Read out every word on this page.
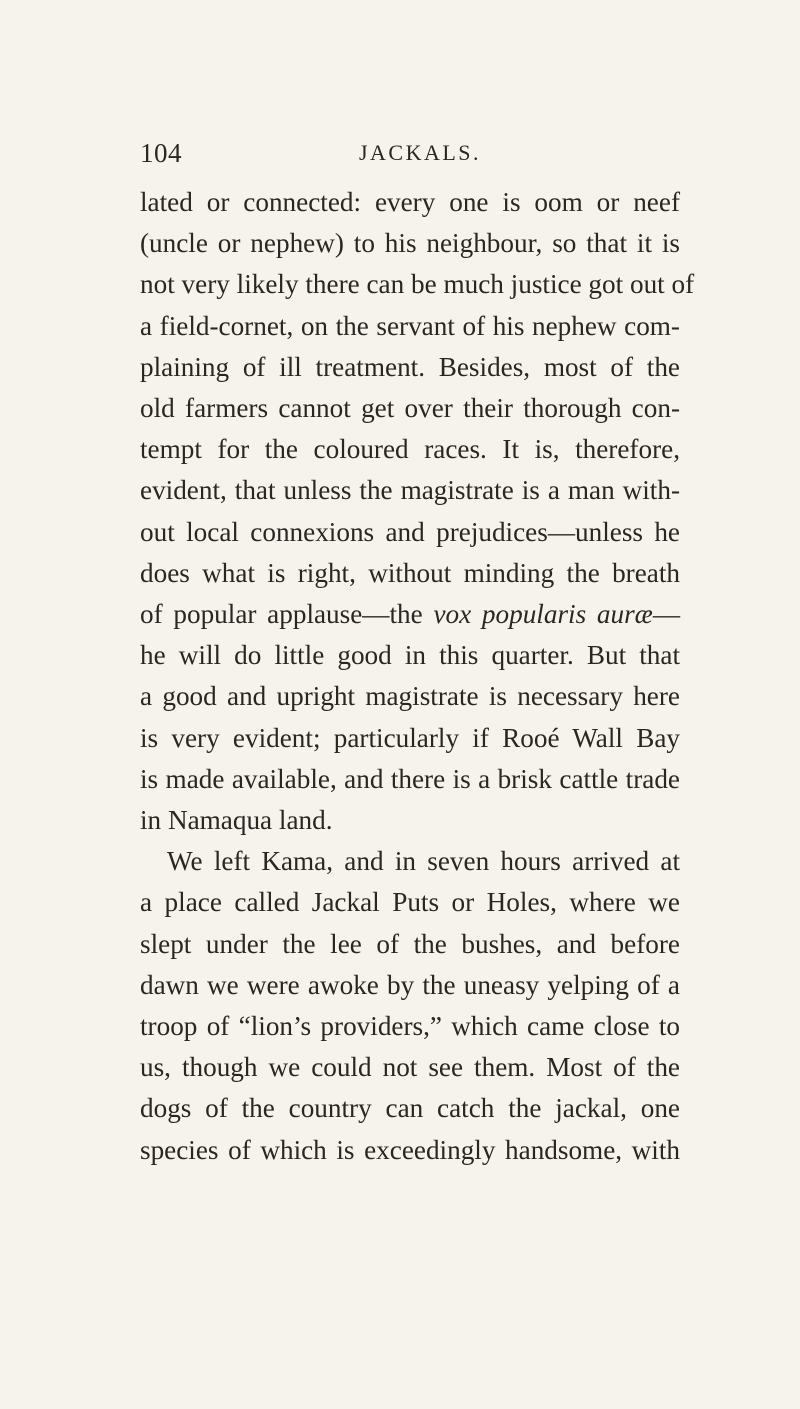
104	JACKALS.
lated or connected: every one is oom or neef
(uncle or nephew) to his neighbour, so that it is
not very likely there can be much justice got out of
a field-cornet, on the servant of his nephew com-
plaining of ill treatment. Besides, most of the
old farmers cannot get over their thorough con-
tempt for the coloured races. It is, therefore,
evident, that unless the magistrate is a man with-
out local connexions and prejudices—unless he
does what is right, without minding the breath
of popular applause—the vox popularis auræ—
he will do little good in this quarter. But that
a good and upright magistrate is necessary here
is very evident; particularly if Rooé Wall Bay
is made available, and there is a brisk cattle trade
in Namaqua land.
We left Kama, and in seven hours arrived at
a place called Jackal Puts or Holes, where we
slept under the lee of the bushes, and before
dawn we were awoke by the uneasy yelping of a
troop of “lion’s providers,” which came close to
us, though we could not see them. Most of the
dogs of the country can catch the jackal, one
species of which is exceedingly handsome, with
